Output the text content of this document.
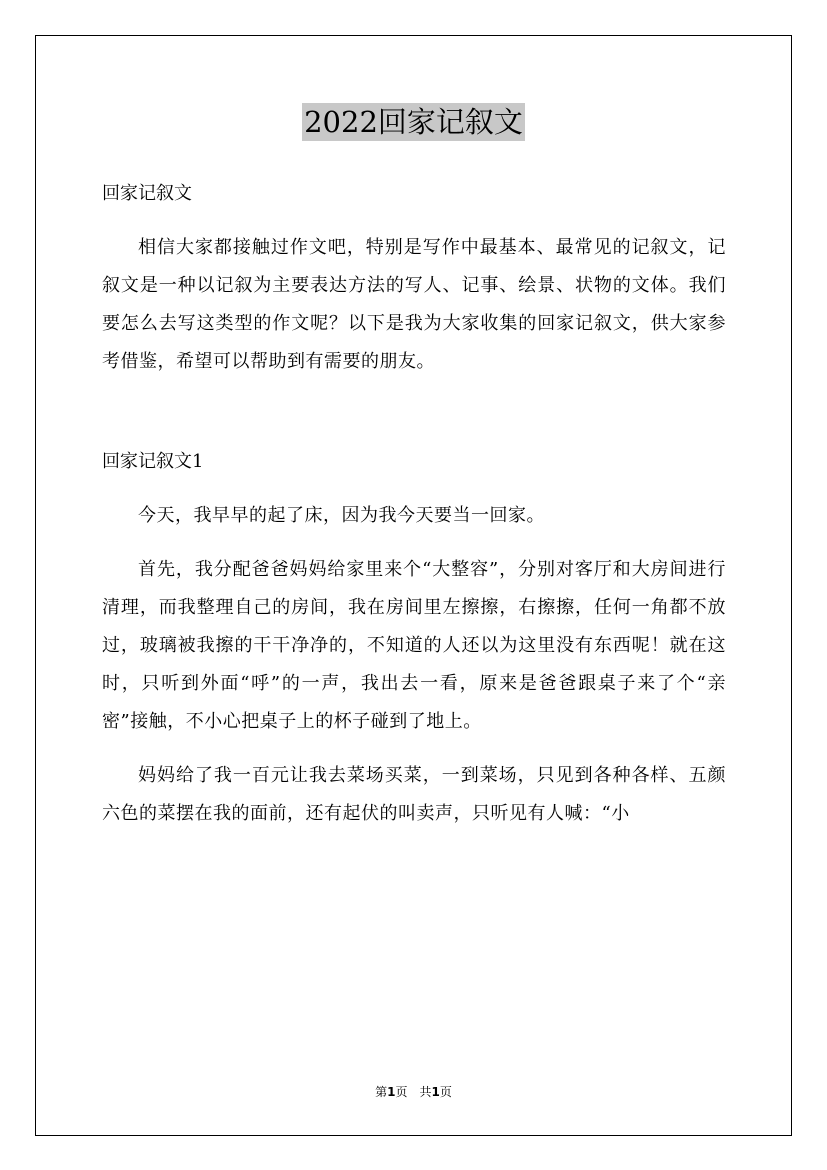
2022回家记叙文

回家记叙文

相信大家都接触过作文吧，特别是写作中最基本、最常见的记叙文，记叙文是一种以记叙为主要表达方法的写人、记事、绘景、状物的文体。我们要怎么去写这类型的作文呢？以下是我为大家收集的回家记叙文，供大家参考借鉴，希望可以帮助到有需要的朋友。

回家记叙文1

今天，我早早的起了床，因为我今天要当一回家。

首先，我分配爸爸妈妈给家里来个“大整容”，分别对客厅和大房间进行清理，而我整理自己的房间，我在房间里左擦擦，右擦擦，任何一角都不放过，玻璃被我擦的干干净净的，不知道的人还以为这里没有东西呢！就在这时，只听到外面“呼”的一声，我出去一看，原来是爸爸跟桌子来了个“亲密”接触，不小心把桌子上的杯子碰到了地上。

妈妈给了我一百元让我去菜场买菜，一到菜场，只见到各种各样、五颜六色的菜摆在我的面前，还有起伏的叫卖声，只听见有人喊：“小

第1页　共1页
